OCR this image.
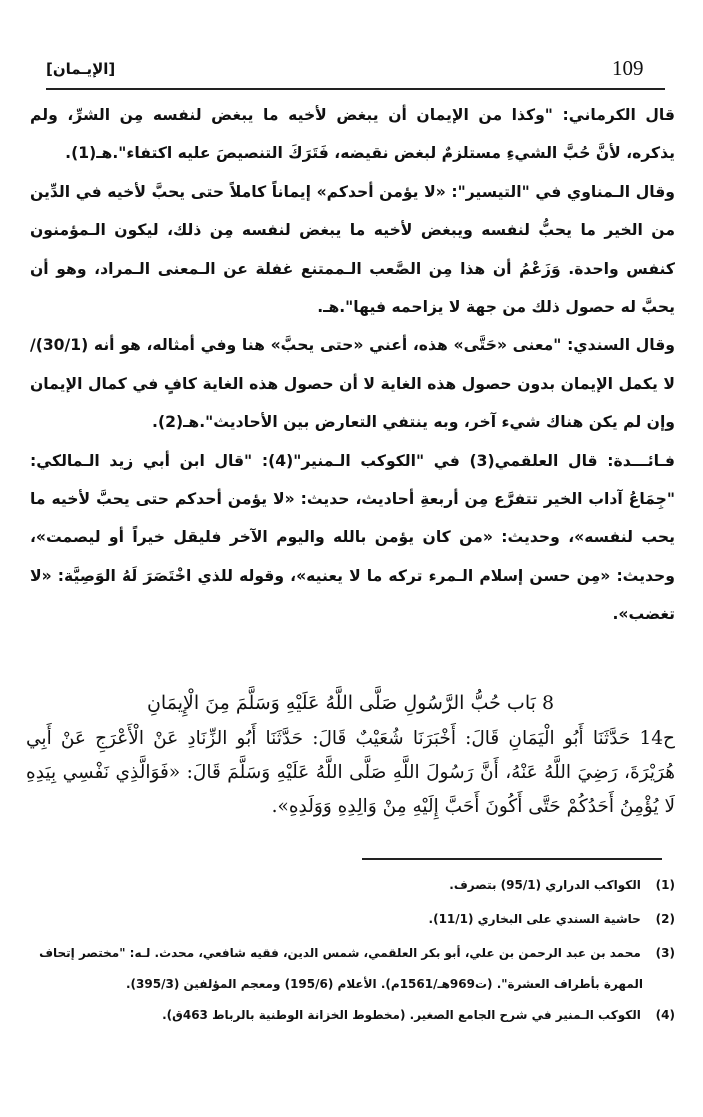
109
[الإيـمان]

قال الكرماني: "وكذا من الإيمان أن يبغض لأخيه ما يبغض لنفسه مِن الشرِّ، ولم يذكره، لأنَّ حُبَّ الشيءِ مستلزمٌ لبغض نقيضه، فَتَرَكَ التنصيصَ عليه اكتفاء".هـ(1).

وقال الـمناوي في "التيسير": «لا يؤمن أحدكم» إيماناً كاملاً حتى يحبَّ لأخيه في الدِّين من الخير ما يحبُّ لنفسه ويبغض لأخيه ما يبغض لنفسه مِن ذلك، ليكون الـمؤمنون كنفس واحدة. وَزَعْمُ أن هذا مِن الصَّعب الـممتنع غفلة عن الـمعنى الـمراد، وهو أن يحبَّ له حصول ذلك من جهة لا يزاحمه فيها".هـ.

وقال السندي: "معنى «حَتَّى» هذه، أعني «حتى يحبَّ» هنا وفي أمثاله، هو أنه (30/1)/ لا يكمل الإيمان بدون حصول هذه الغاية لا أن حصول هذه الغاية كافٍ في كمال الإيمان وإن لم يكن هناك شيء آخر، وبه ينتفي التعارض بين الأحاديث".هـ(2).

فـائـــدة: قال العلقمي(3) في "الكوكب الـمنير"(4): "قال ابن أبي زيد الـمالكي: "جِمَاعُ آداب الخير تتفرَّع مِن أربعةِ أحاديث، حديث: «لا يؤمن أحدكم حتى يحبَّ لأخيه ما يحب لنفسه»، وحديث: «من كان يؤمن بالله واليوم الآخر فليقل خيراً أو ليصمت»، وحديث: «مِن حسن إسلام الـمرء تركه ما لا يعنيه»، وقوله للذي اخْتَصَرَ لَهُ الوَصِيَّة: «لا تغضب».

8 بَاب حُبُّ الرَّسُولِ صَلَّى اللَّهُ عَلَيْهِ وَسَلَّمَ مِنَ الْإِيمَانِ

ح14 حَدَّثَنَا أَبُو الْيَمَانِ قَالَ: أَخْبَرَنَا شُعَيْبٌ قَالَ: حَدَّثَنَا أَبُو الزِّنَادِ عَنْ الْأَعْرَجِ عَنْ أَبِي هُرَيْرَةَ، رَضِيَ اللَّهُ عَنْهُ، أَنَّ رَسُولَ اللَّهِ صَلَّى اللَّهُ عَلَيْهِ وَسَلَّمَ قَالَ: «فَوَالَّذِي نَفْسِي بِيَدِهِ لَا يُؤْمِنُ أَحَدُكُمْ حَتَّى أَكُونَ أَحَبَّ إِلَيْهِ مِنْ وَالِدِهِ وَوَلَدِهِ».

(1) الكواكب الدراري (95/1) بتصرف.

(2) حاشية السندي على البخاري (11/1).

(3) محمد بن عبد الرحمن بن علي، أبو بكر العلقمي، شمس الدين، فقيه شافعي، محدث. لـه: "مختصر إتحاف

المهرة بأطراف العشرة". (ت969هـ/1561م). الأعلام (195/6) ومعجم المؤلفين (395/3).

(4) الكوكب الـمنير في شرح الجامع الصغير. (مخطوط الخزانة الوطنية بالرباط 463ق).
